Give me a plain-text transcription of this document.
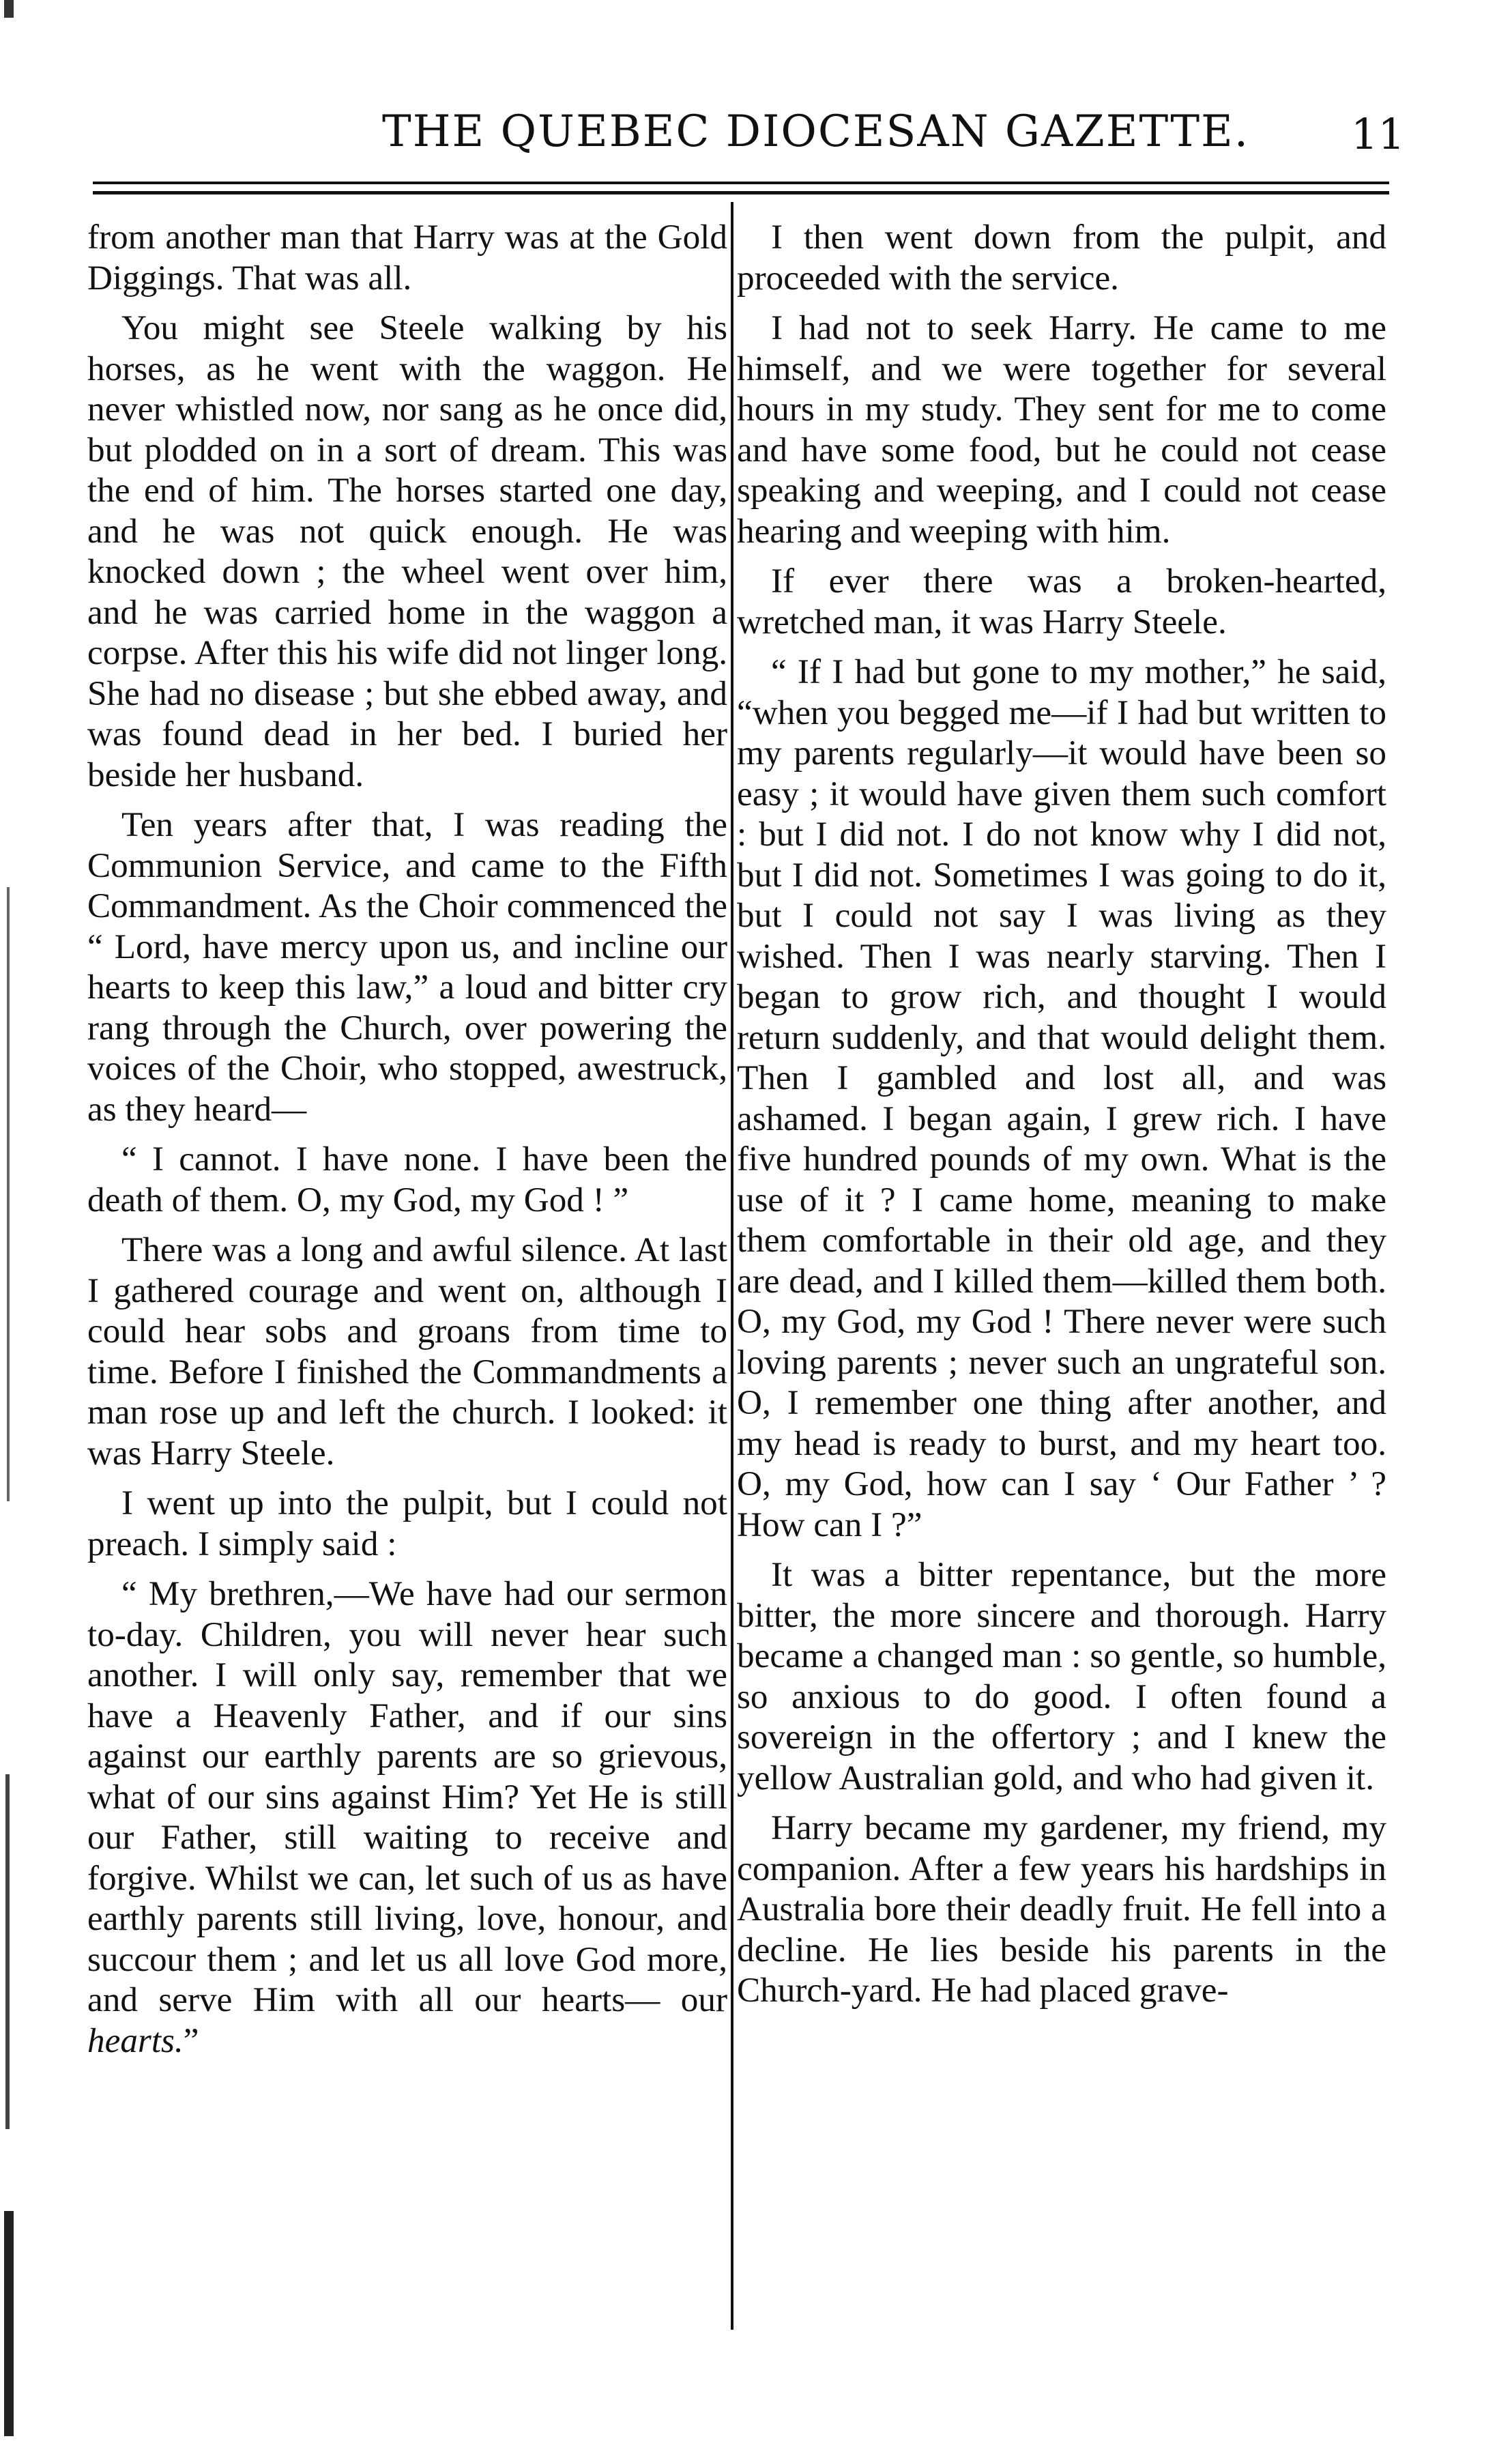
THE QUEBEC DIOCESAN GAZETTE. 11

from another man that Harry was at the Gold Diggings. That was all.

You might see Steele walking by his horses, as he went with the waggon. He never whistled now, nor sang as he once did, but plodded on in a sort of dream. This was the end of him. The horses started one day, and he was not quick enough. He was knocked down ; the wheel went over him, and he was carried home in the waggon a corpse. After this his wife did not linger long. She had no disease ; but she ebbed away, and was found dead in her bed. I buried her beside her husband.

Ten years after that, I was reading the Communion Service, and came to the Fifth Commandment. As the Choir commenced the “ Lord, have mercy upon us, and incline our hearts to keep this law,” a loud and bitter cry rang through the Church, over powering the voices of the Choir, who stopped, awestruck, as they heard—

“ I cannot. I have none. I have been the death of them. O, my God, my God ! ”

There was a long and awful silence. At last I gathered courage and went on, although I could hear sobs and groans from time to time. Before I finished the Commandments a man rose up and left the church. I looked: it was Harry Steele.

I went up into the pulpit, but I could not preach. I simply said :

“ My brethren,—We have had our sermon to-day. Children, you will never hear such another. I will only say, remember that we have a Heavenly Father, and if our sins against our earthly parents are so grievous, what of our sins against Him? Yet He is still our Father, still waiting to receive and forgive. Whilst we can, let such of us as have earthly parents still living, love, honour, and succour them ; and let us all love God more, and serve Him with all our hearts— our hearts.”

I then went down from the pulpit, and proceeded with the service.

I had not to seek Harry. He came to me himself, and we were together for several hours in my study. They sent for me to come and have some food, but he could not cease speaking and weeping, and I could not cease hearing and weeping with him.

If ever there was a broken-hearted, wretched man, it was Harry Steele.

“ If I had but gone to my mother,” he said, “when you begged me—if I had but written to my parents regularly—it would have been so easy ; it would have given them such comfort : but I did not. I do not know why I did not, but I did not. Sometimes I was going to do it, but I could not say I was living as they wished. Then I was nearly starving. Then I began to grow rich, and thought I would return suddenly, and that would delight them. Then I gambled and lost all, and was ashamed. I began again, I grew rich. I have five hundred pounds of my own. What is the use of it ? I came home, meaning to make them comfortable in their old age, and they are dead, and I killed them—killed them both. O, my God, my God ! There never were such loving parents ; never such an ungrateful son. O, I remember one thing after another, and my head is ready to burst, and my heart too. O, my God, how can I say ‘ Our Father ’ ? How can I ?”

It was a bitter repentance, but the more bitter, the more sincere and thorough. Harry became a changed man : so gentle, so humble, so anxious to do good. I often found a sovereign in the offertory ; and I knew the yellow Australian gold, and who had given it.

Harry became my gardener, my friend, my companion. After a few years his hardships in Australia bore their deadly fruit. He fell into a decline. He lies beside his parents in the Church-yard. He had placed grave-
